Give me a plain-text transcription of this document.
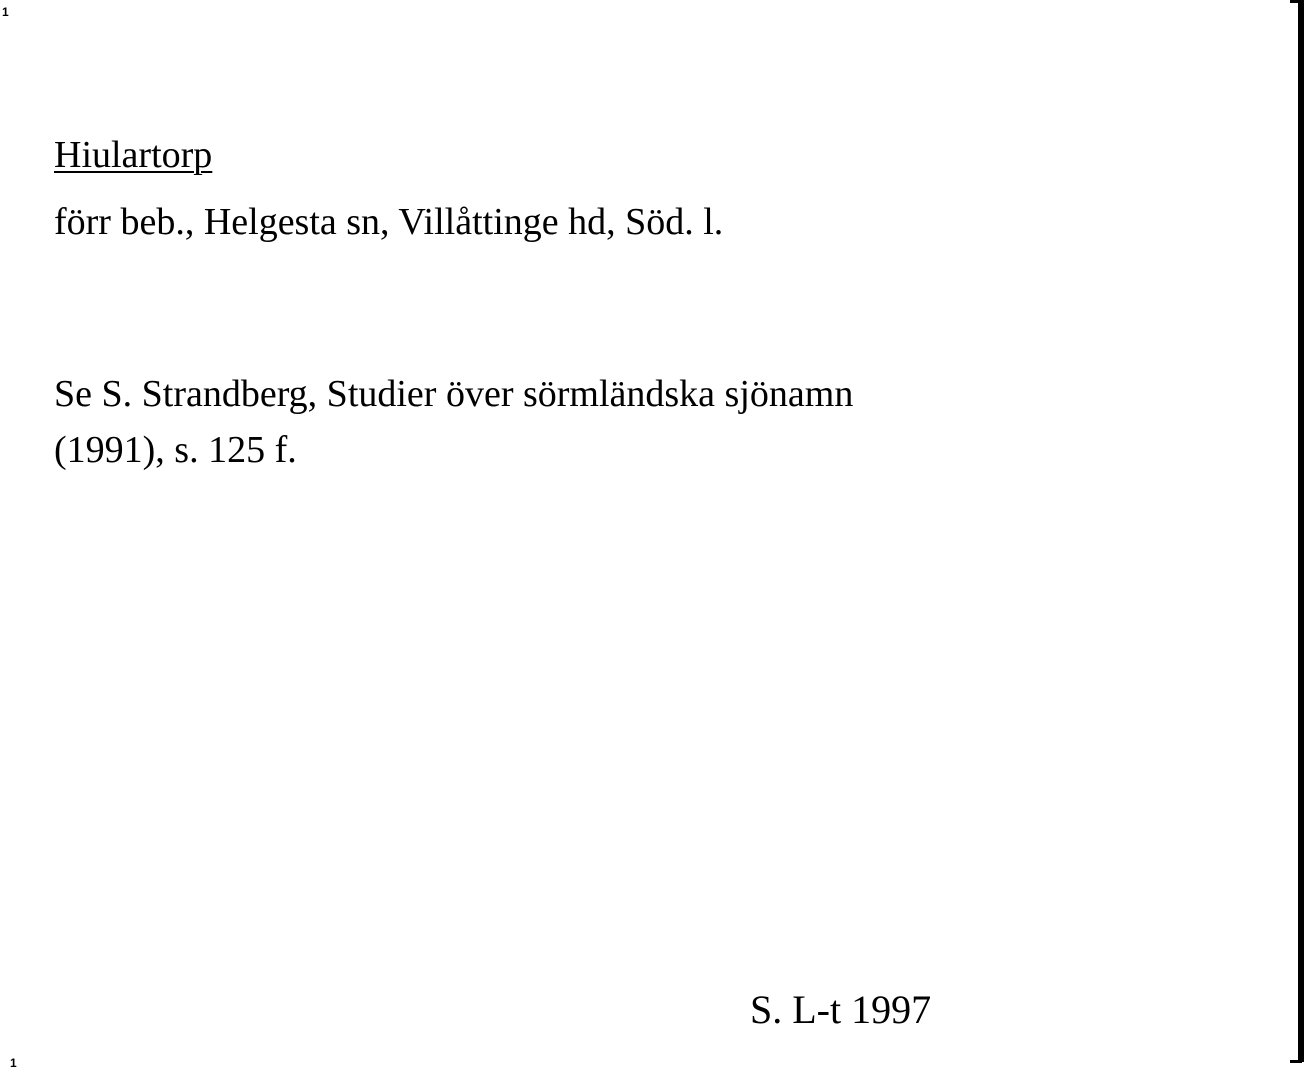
1
1
Hiulartorp
förr beb., Helgesta sn, Villåttinge hd, Söd. l.
Se S. Strandberg, Studier över sörmländska sjönamn
(1991), s. 125 f.
S. L-t 1997
